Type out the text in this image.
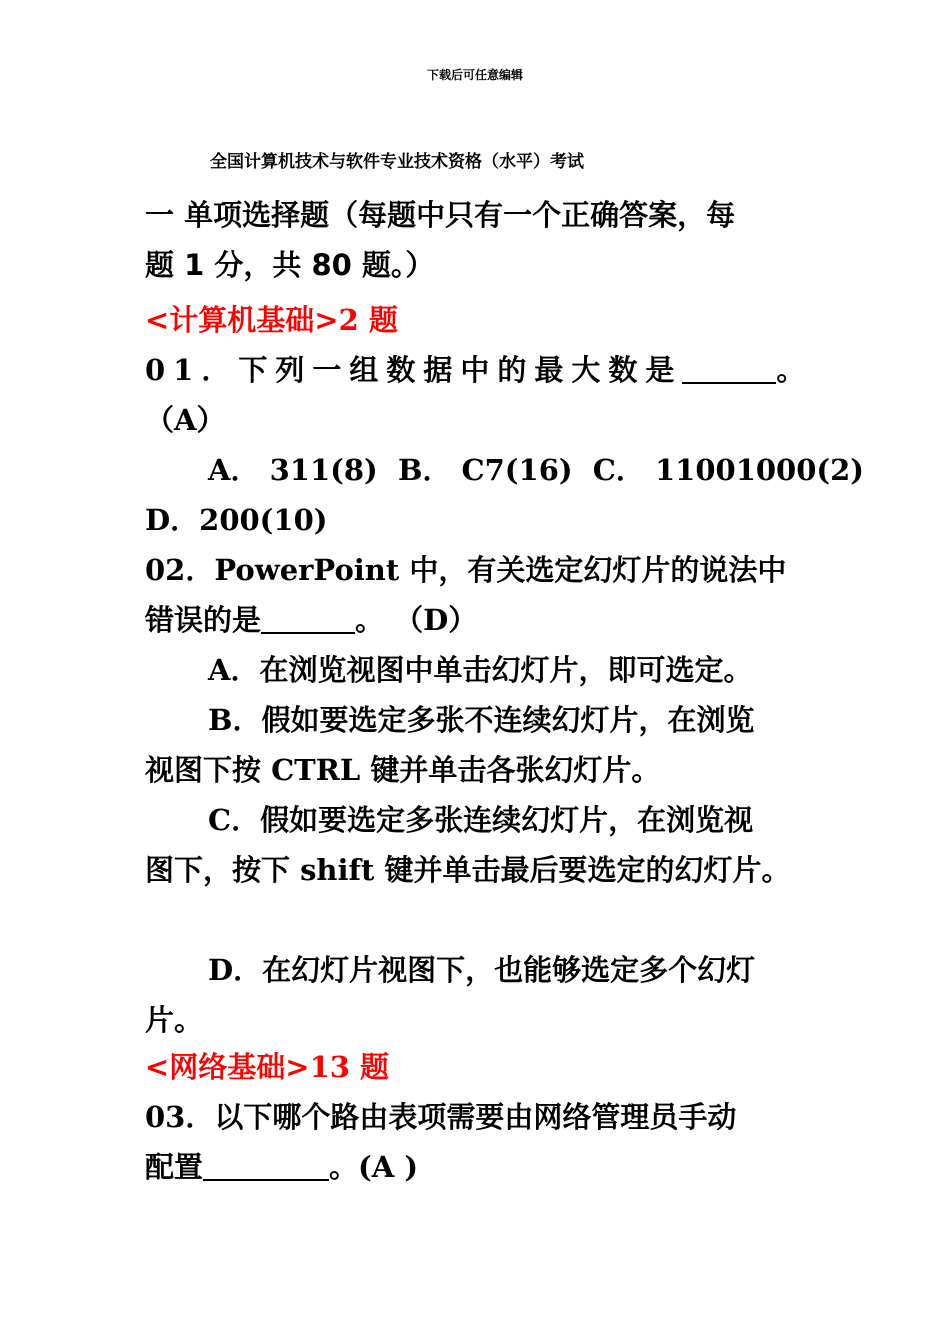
下载后可任意编辑
全国计算机技术与软件专业技术资格（水平）考试
一 单项选择题（每题中只有一个正确答案，每
题 1 分，共 80 题。）
<计算机基础>2 题
01．下列一组数据中的最大数是	。
（A）
A． 311(8)  B． C7(16)  C． 11001000(2)
D．200(10)
02．PowerPoint 中，有关选定幻灯片的说法中
错误的是	。 （D）
A．在浏览视图中单击幻灯片，即可选定。
B．假如要选定多张不连续幻灯片，在浏览
视图下按 CTRL 键并单击各张幻灯片。
C．假如要选定多张连续幻灯片，在浏览视
图下，按下 shift 键并单击最后要选定的幻灯片。
D．在幻灯片视图下，也能够选定多个幻灯
片。
<网络基础>13 题
03．以下哪个路由表项需要由网络管理员手动
配置	。(A )
